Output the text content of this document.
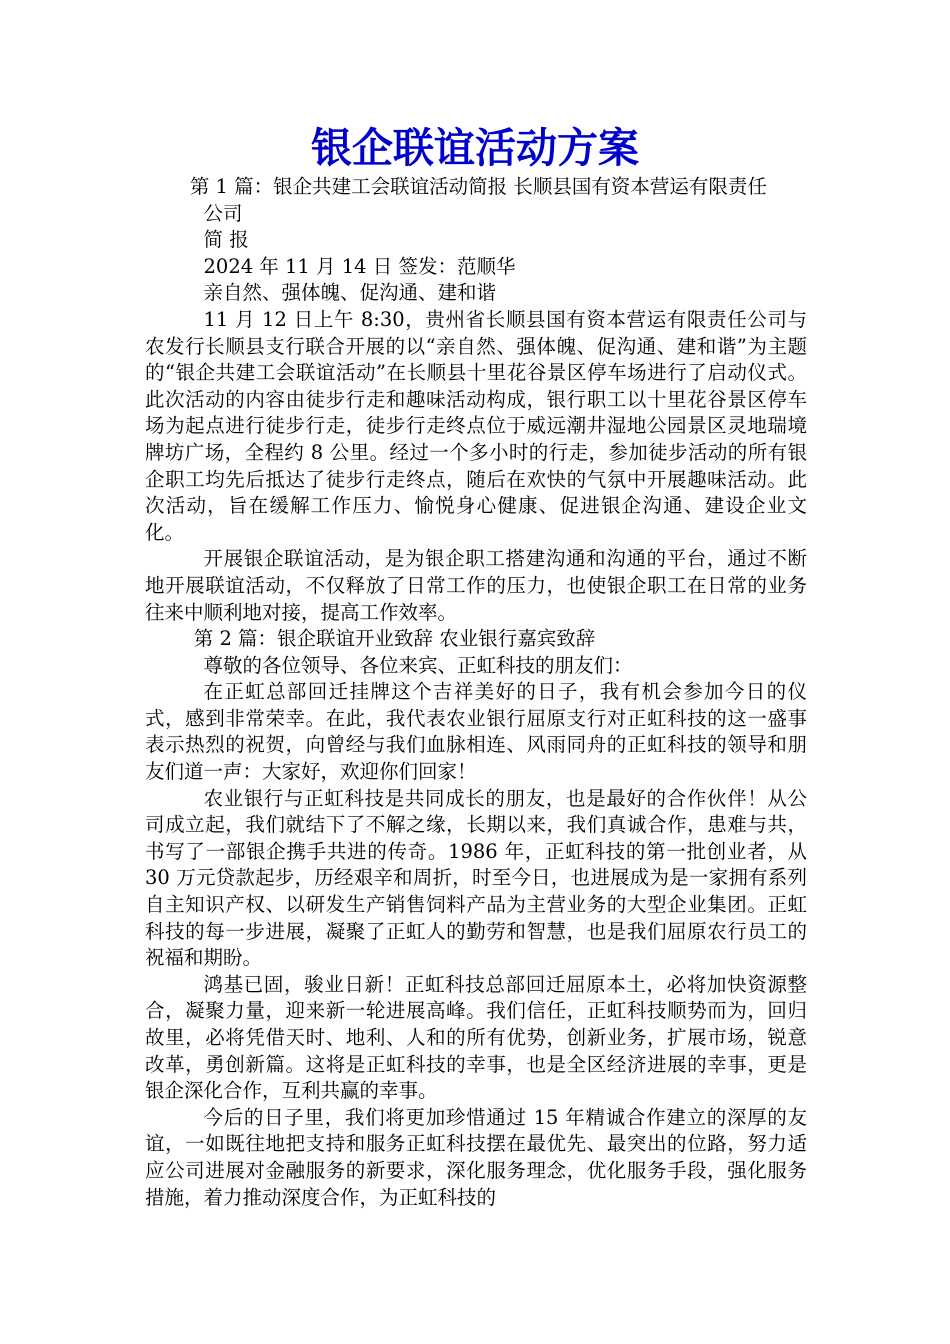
银企联谊活动方案

第 1 篇：银企共建工会联谊活动简报 长顺县国有资本营运有限责任

公司

简 报

2024 年 11 月 14 日 签发：范顺华

亲自然、强体魄、促沟通、建和谐

11 月 12 日上午 8:30，贵州省长顺县国有资本营运有限责任公司与农发行长顺县支行联合开展的以“亲自然、强体魄、促沟通、建和谐”为主题的“银企共建工会联谊活动”在长顺县十里花谷景区停车场进行了启动仪式。此次活动的内容由徒步行走和趣味活动构成，银行职工以十里花谷景区停车场为起点进行徒步行走，徒步行走终点位于威远潮井湿地公园景区灵地瑞境牌坊广场，全程约 8 公里。经过一个多小时的行走，参加徒步活动的所有银企职工均先后抵达了徒步行走终点，随后在欢快的气氛中开展趣味活动。此次活动，旨在缓解工作压力、愉悦身心健康、促进银企沟通、建设企业文化。

开展银企联谊活动，是为银企职工搭建沟通和沟通的平台，通过不断地开展联谊活动，不仅释放了日常工作的压力，也使银企职工在日常的业务往来中顺利地对接，提高工作效率。

第 2 篇：银企联谊开业致辞 农业银行嘉宾致辞

尊敬的各位领导、各位来宾、正虹科技的朋友们：

在正虹总部回迁挂牌这个吉祥美好的日子，我有机会参加今日的仪式，感到非常荣幸。在此，我代表农业银行屈原支行对正虹科技的这一盛事表示热烈的祝贺，向曾经与我们血脉相连、风雨同舟的正虹科技的领导和朋友们道一声：大家好，欢迎你们回家！

农业银行与正虹科技是共同成长的朋友，也是最好的合作伙伴！从公司成立起，我们就结下了不解之缘，长期以来，我们真诚合作，患难与共，书写了一部银企携手共进的传奇。1986 年，正虹科技的第一批创业者，从 30 万元贷款起步，历经艰辛和周折，时至今日，也进展成为是一家拥有系列自主知识产权、以研发生产销售饲料产品为主营业务的大型企业集团。正虹科技的每一步进展，凝聚了正虹人的勤劳和智慧，也是我们屈原农行员工的祝福和期盼。

鸿基已固，骏业日新！正虹科技总部回迁屈原本土，必将加快资源整合，凝聚力量，迎来新一轮进展高峰。我们信任，正虹科技顺势而为，回归故里，必将凭借天时、地利、人和的所有优势，创新业务，扩展市场，锐意改革，勇创新篇。这将是正虹科技的幸事，也是全区经济进展的幸事，更是银企深化合作，互利共赢的幸事。

今后的日子里，我们将更加珍惜通过 15 年精诚合作建立的深厚的友谊，一如既往地把支持和服务正虹科技摆在最优先、最突出的位路，努力适应公司进展对金融服务的新要求，深化服务理念，优化服务手段，强化服务措施，着力推动深度合作，为正虹科技的
